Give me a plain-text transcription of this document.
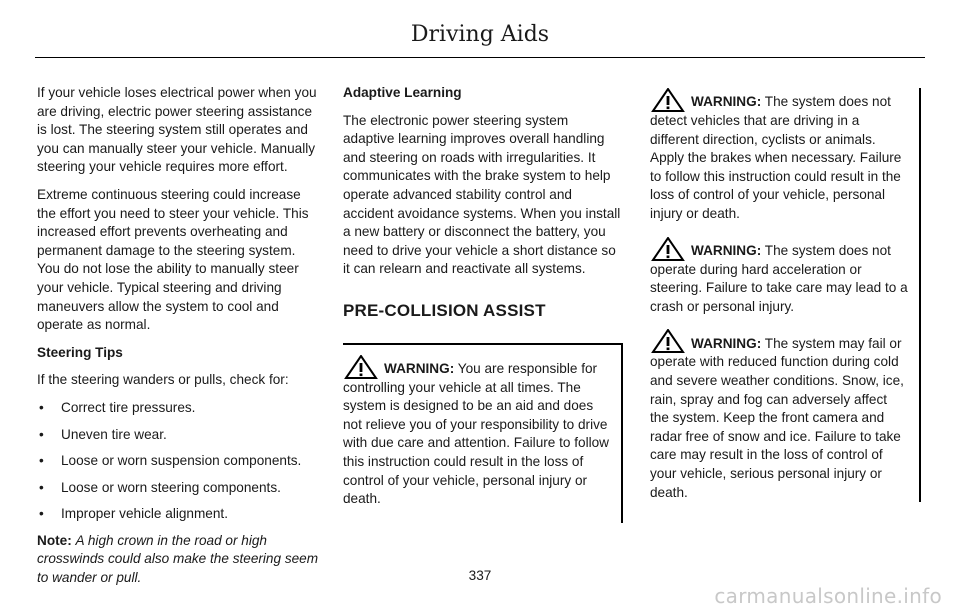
Driving Aids

If your vehicle loses electrical power when you are driving, electric power steering assistance is lost. The steering system still operates and you can manually steer your vehicle. Manually steering your vehicle requires more effort.

Extreme continuous steering could increase the effort you need to steer your vehicle. This increased effort prevents overheating and permanent damage to the steering system. You do not lose the ability to manually steer your vehicle. Typical steering and driving maneuvers allow the system to cool and operate as normal.

Steering Tips

If the steering wanders or pulls, check for:

• Correct tire pressures.
• Uneven tire wear.
• Loose or worn suspension components.
• Loose or worn steering components.
• Improper vehicle alignment.

Note: A high crown in the road or high crosswinds could also make the steering seem to wander or pull.

Adaptive Learning

The electronic power steering system adaptive learning improves overall handling and steering on roads with irregularities. It communicates with the brake system to help operate advanced stability control and accident avoidance systems. When you install a new battery or disconnect the battery, you need to drive your vehicle a short distance so it can relearn and reactivate all systems.

PRE-COLLISION ASSIST
WARNING: You are responsible for
controlling your vehicle at all times. The system is designed to be an aid and does not relieve you of your responsibility to drive with due care and attention. Failure to follow this instruction could result in the loss of control of your vehicle, personal injury or death.
WARNING: The system does not
detect vehicles that are driving in a different direction, cyclists or animals. Apply the brakes when necessary. Failure to follow this instruction could result in the loss of control of your vehicle, personal injury or death.
WARNING: The system does not
operate during hard acceleration or steering. Failure to take care may lead to a crash or personal injury.
WARNING: The system may fail or
operate with reduced function during cold and severe weather conditions. Snow, ice, rain, spray and fog can adversely affect the system. Keep the front camera and radar free of snow and ice. Failure to take care may result in the loss of control of your vehicle, serious personal injury or death.
337
carmanualsonline.info
